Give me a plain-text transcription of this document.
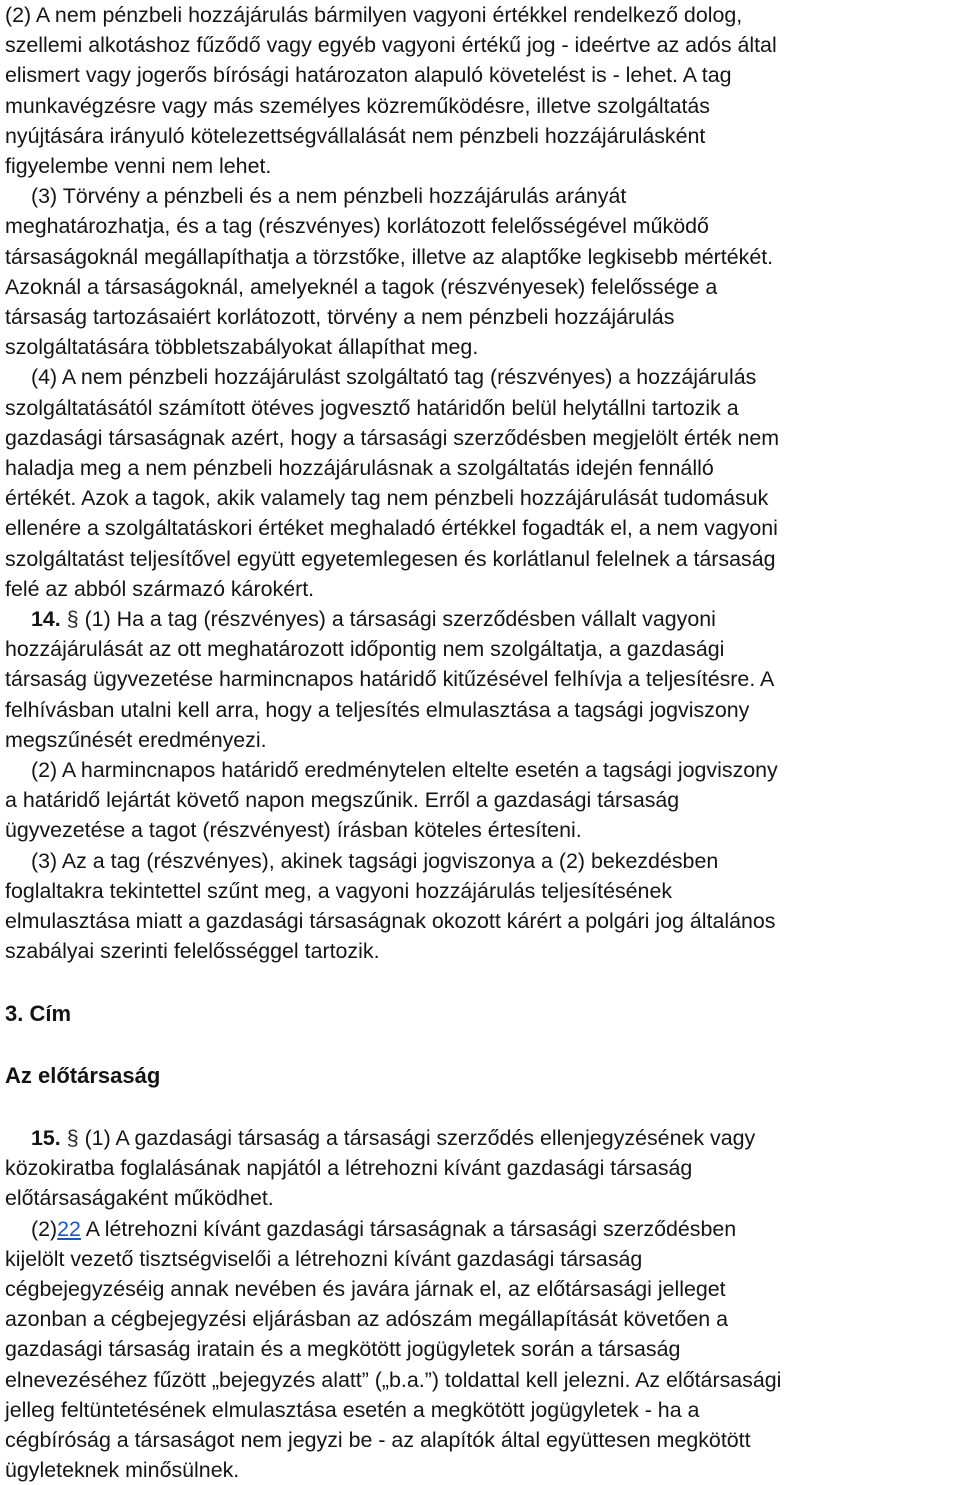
(2) A nem pénzbeli hozzájárulás bármilyen vagyoni értékkel rendelkező dolog,
szellemi alkotáshoz fűződő vagy egyéb vagyoni értékű jog - ideértve az adós által
elismert vagy jogerős bírósági határozaton alapuló követelést is - lehet. A tag
munkavégzésre vagy más személyes közreműködésre, illetve szolgáltatás
nyújtására irányuló kötelezettségvállalását nem pénzbeli hozzájárulásként
figyelembe venni nem lehet.
(3) Törvény a pénzbeli és a nem pénzbeli hozzájárulás arányát
meghatározhatja, és a tag (részvényes) korlátozott felelősségével működő
társaságoknál megállapíthatja a törzstőke, illetve az alaptőke legkisebb mértékét.
Azoknál a társaságoknál, amelyeknél a tagok (részvényesek) felelőssége a
társaság tartozásaiért korlátozott, törvény a nem pénzbeli hozzájárulás
szolgáltatására többletszabályokat állapíthat meg.
(4) A nem pénzbeli hozzájárulást szolgáltató tag (részvényes) a hozzájárulás
szolgáltatásától számított ötéves jogvesztő határidőn belül helytállni tartozik a
gazdasági társaságnak azért, hogy a társasági szerződésben megjelölt érték nem
haladja meg a nem pénzbeli hozzájárulásnak a szolgáltatás idején fennálló
értékét. Azok a tagok, akik valamely tag nem pénzbeli hozzájárulását tudomásuk
ellenére a szolgáltatáskori értéket meghaladó értékkel fogadták el, a nem vagyoni
szolgáltatást teljesítővel együtt egyetemlegesen és korlátlanul felelnek a társaság
felé az abból származó károkért.
14. § (1) Ha a tag (részvényes) a társasági szerződésben vállalt vagyoni
hozzájárulását az ott meghatározott időpontig nem szolgáltatja, a gazdasági
társaság ügyvezetése harmincnapos határidő kitűzésével felhívja a teljesítésre. A
felhívásban utalni kell arra, hogy a teljesítés elmulasztása a tagsági jogviszony
megszűnését eredményezi.
(2) A harmincnapos határidő eredménytelen eltelte esetén a tagsági jogviszony
a határidő lejártát követő napon megszűnik. Erről a gazdasági társaság
ügyvezetése a tagot (részvényest) írásban köteles értesíteni.
(3) Az a tag (részvényes), akinek tagsági jogviszonya a (2) bekezdésben
foglaltakra tekintettel szűnt meg, a vagyoni hozzájárulás teljesítésének
elmulasztása miatt a gazdasági társaságnak okozott kárért a polgári jog általános
szabályai szerinti felelősséggel tartozik.
3. Cím
Az előtársaság
15. § (1) A gazdasági társaság a társasági szerződés ellenjegyzésének vagy
közokiratba foglalásának napjától a létrehozni kívánt gazdasági társaság
előtársaságaként működhet.
(2)22 A létrehozni kívánt gazdasági társaságnak a társasági szerződésben
kijelölt vezető tisztségviselői a létrehozni kívánt gazdasági társaság
cégbejegyzéséig annak nevében és javára járnak el, az előtársasági jelleget
azonban a cégbejegyzési eljárásban az adószám megállapítását követően a
gazdasági társaság iratain és a megkötött jogügyletek során a társaság
elnevezéséhez fűzött „bejegyzés alatt” („b.a.”) toldattal kell jelezni. Az előtársasági
jelleg feltüntetésének elmulasztása esetén a megkötött jogügyletek - ha a
cégbíróság a társaságot nem jegyzi be - az alapítók által együttesen megkötött
ügyleteknek minősülnek.
